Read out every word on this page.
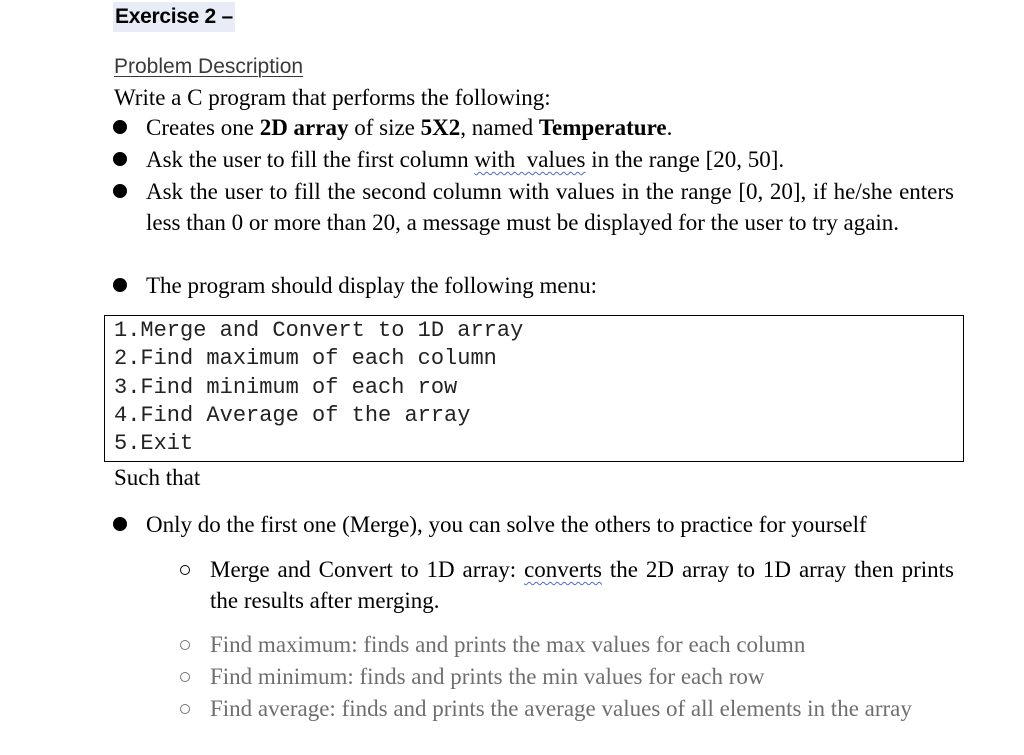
Exercise 2 –
Problem Description
Write a C program that performs the following:
Creates one 2D array of size 5X2, named Temperature.
Ask the user to fill the first column with  values in the range [20, 50].
Ask the user to fill the second column with values in the range [0, 20], if he/she enters less than 0 or more than 20, a message must be displayed for the user to try again.
The program should display the following menu:
1.Merge and Convert to 1D array
2.Find maximum of each column
3.Find minimum of each row
4.Find Average of the array
5.Exit
Such that
Only do the first one (Merge), you can solve the others to practice for yourself
Merge and Convert to 1D array: converts the 2D array to 1D array then prints the results after merging.
Find maximum: finds and prints the max values for each column
Find minimum: finds and prints the min values for each row
Find average: finds and prints the average values of all elements in the array
